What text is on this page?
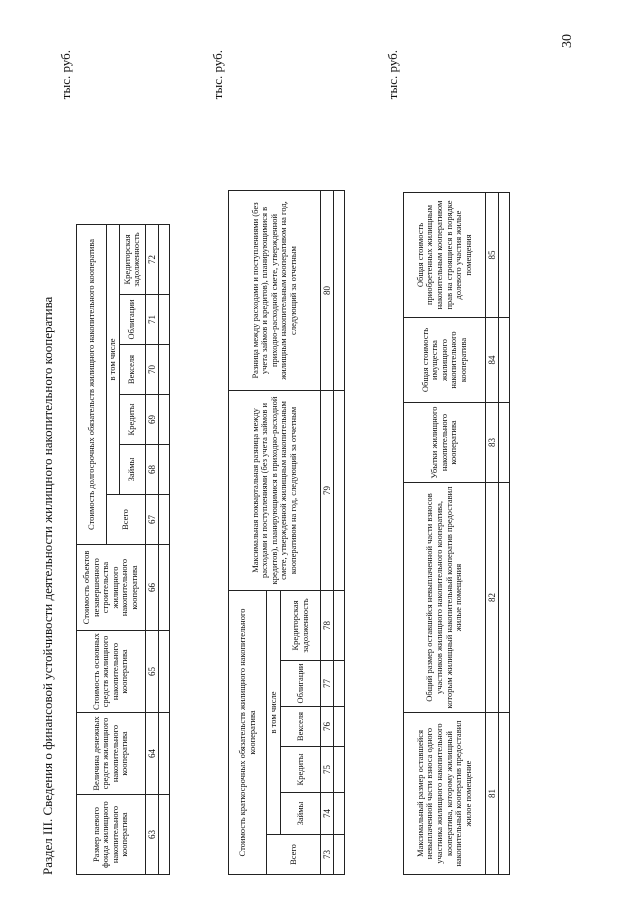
30
Раздел III. Сведения о финансовой устойчивости деятельности жилищного накопительного кооператива
тыс. руб.
Размер паевого фонда жилищного накопительного кооператива	Величина денежных средств жилищного накопительного кооператива	Стоимость основных средств жилищного накопительного кооператива	Стоимость объектов незавершенного строительства жилищного накопительного кооператива	Стоимость долгосрочных обязательств жилищного накопительного кооператива						
				Всего	в том числе					
					Займы	Кредиты	Векселя	Облигации	Кредиторская задолженность	
63	64	65	66	67	68	69	70	71	72	

тыс. руб.
Стоимость краткосрочных обязательств жилищного накопительного кооператива						Максимальная поквартальная разница между расходами и поступлениями (без учета займов и кредитов), планирующимися в приходно-расходной смете, утвержденной жилищным накопительным кооперативом на год, следующий за отчетным	Разница между расходами и поступлениями (без учета займов и кредитов), планирующимися в приходно-расходной смете, утвержденной жилищным накопительным кооперативом на год, следующий за отчетным	
Всего	в том числе							
	Займы	Кредиты	Векселя	Облигации	Кредиторская задолженность			
73	74	75	76	77	78	79	80	

тыс. руб.
Максимальный размер оставшейся невыплаченной части взноса одного участника жилищного накопительного кооператива, которому жилищный накопительный кооператив предоставил жилое помещение	Общий размер оставшейся невыплаченной части взносов участников жилищного накопительного кооператива, которым жилищный накопительный кооператив предоставил жилые помещения	Убытки жилищного накопительного кооператива	Общая стоимость имущества жилищного накопительного кооператива	Общая стоимость приобретенных жилищным накопительным кооперативом прав на строящиеся в порядке долевого участия жилые помещения	
81	82	83	84	85	
